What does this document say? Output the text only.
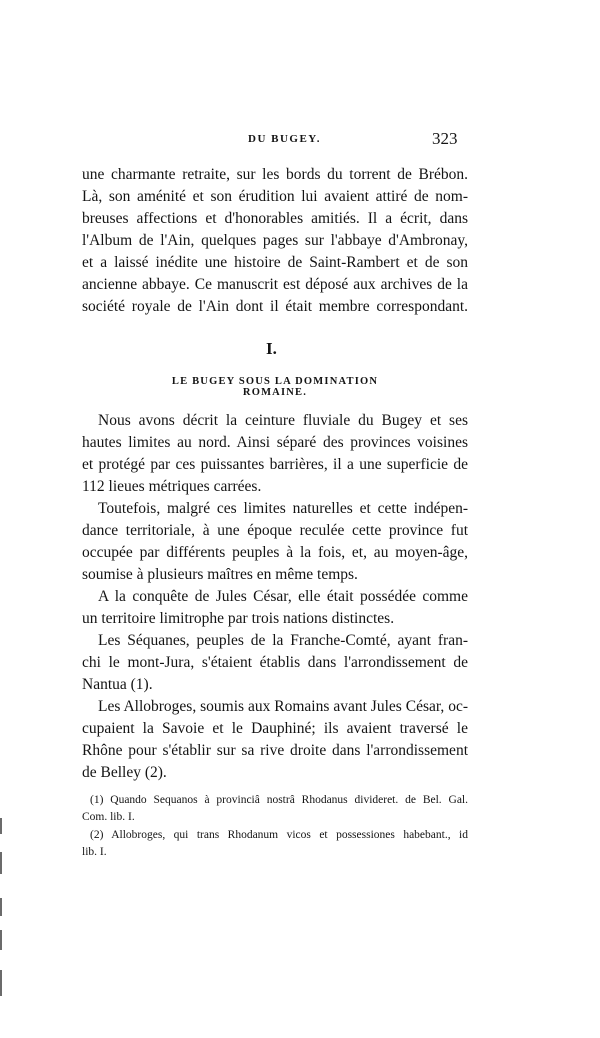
DU BUGEY.	323
une charmante retraite, sur les bords du torrent de Brébon.
Là, son aménité et son érudition lui avaient attiré de nom-
breuses affections et d'honorables amitiés. Il a écrit, dans
l'Album de l'Ain, quelques pages sur l'abbaye d'Ambronay,
et a laissé inédite une histoire de Saint-Rambert et de son
ancienne abbaye. Ce manuscrit est déposé aux archives de la
société royale de l'Ain dont il était membre correspondant.
I.
LE BUGEY SOUS LA DOMINATION ROMAINE.
Nous avons décrit la ceinture fluviale du Bugey et ses
hautes limites au nord. Ainsi séparé des provinces voisines
et protégé par ces puissantes barrières, il a une superficie de
112 lieues métriques carrées.
Toutefois, malgré ces limites naturelles et cette indépen-
dance territoriale, à une époque reculée cette province fut
occupée par différents peuples à la fois, et, au moyen-âge,
soumise à plusieurs maîtres en même temps.
A la conquête de Jules César, elle était possédée comme
un territoire limitrophe par trois nations distinctes.
Les Séquanes, peuples de la Franche-Comté, ayant fran-
chi le mont-Jura, s'étaient établis dans l'arrondissement de
Nantua (1).
Les Allobroges, soumis aux Romains avant Jules César, oc-
cupaient la Savoie et le Dauphiné; ils avaient traversé le
Rhône pour s'établir sur sa rive droite dans l'arrondissement
de Belley (2).
(1) Quando Sequanos à provinciâ nostrâ Rhodanus divideret. de Bel. Gal.
Com. lib. I.
(2) Allobroges, qui trans Rhodanum vicos et possessiones habebant., id
lib. I.
